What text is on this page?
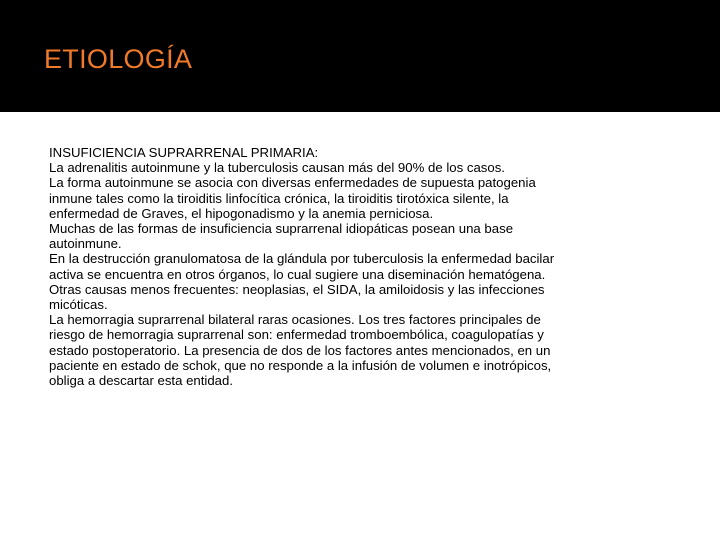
ETIOLOGÍA
INSUFICIENCIA SUPRARRENAL PRIMARIA:
La adrenalitis autoinmune y la tuberculosis causan más del 90% de los casos.
La forma autoinmune se asocia con diversas enfermedades de supuesta patogenia
inmune tales como la tiroiditis linfocítica crónica, la tiroiditis tirotóxica silente, la
enfermedad de Graves, el hipogonadismo y la anemia perniciosa.
Muchas de las formas de insuficiencia suprarrenal idiopáticas posean una base
autoinmune.
En la destrucción granulomatosa de la glándula por tuberculosis la enfermedad bacilar
activa se encuentra en otros órganos, lo cual sugiere una diseminación hematógena.
Otras causas menos frecuentes: neoplasias, el SIDA, la amiloidosis y las infecciones
micóticas.
La hemorragia suprarrenal bilateral raras ocasiones. Los tres factores principales de
riesgo de hemorragia suprarrenal son: enfermedad tromboembólica, coagulopatías y
estado postoperatorio. La presencia de dos de los factores antes mencionados, en un
paciente en estado de schok, que no responde a la infusión de volumen e inotrópicos,
obliga a descartar esta entidad.
